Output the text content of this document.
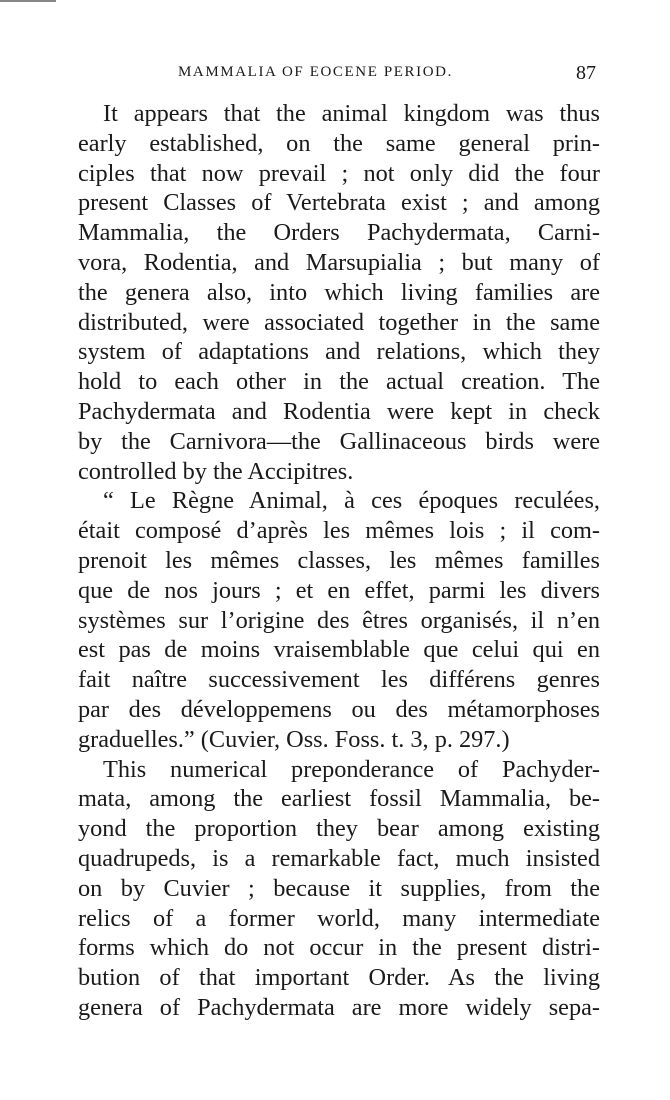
MAMMALIA OF EOCENE PERIOD.	87
It appears that the animal kingdom was thus
early established, on the same general prin-
ciples that now prevail ; not only did the four
present Classes of Vertebrata exist ; and among
Mammalia, the Orders Pachydermata, Carni-
vora, Rodentia, and Marsupialia ; but many of
the genera also, into which living families are
distributed, were associated together in the same
system of adaptations and relations, which they
hold to each other in the actual creation. The
Pachydermata and Rodentia were kept in check
by the Carnivora—the Gallinaceous birds were
controlled by the Accipitres.
“ Le Règne Animal, à ces époques reculées,
était composé d’après les mêmes lois ; il com-
prenoit les mêmes classes, les mêmes familles
que de nos jours ; et en effet, parmi les divers
systèmes sur l’origine des êtres organisés, il n’en
est pas de moins vraisemblable que celui qui en
fait naître successivement les différens genres
par des développemens ou des métamorphoses
graduelles.” (Cuvier, Oss. Foss. t. 3, p. 297.)
This numerical preponderance of Pachyder-
mata, among the earliest fossil Mammalia, be-
yond the proportion they bear among existing
quadrupeds, is a remarkable fact, much insisted
on by Cuvier ; because it supplies, from the
relics of a former world, many intermediate
forms which do not occur in the present distri-
bution of that important Order. As the living
genera of Pachydermata are more widely sepa-
